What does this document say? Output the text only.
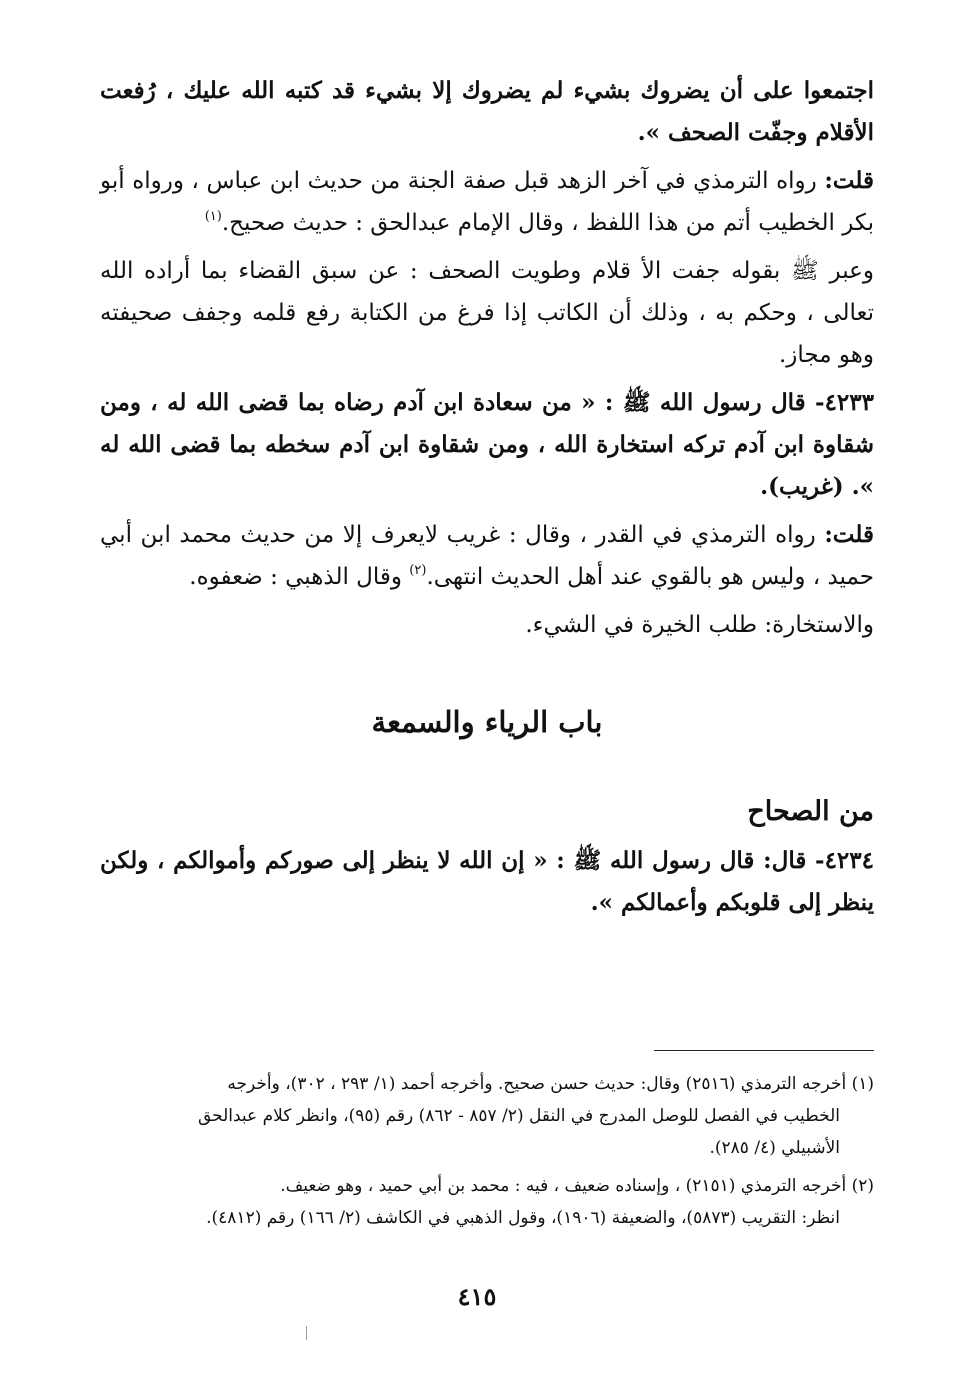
اجتمعوا على أن يضروك بشيء لم يضروك إلا بشيء قد كتبه الله عليك ، رُفعت الأقلام وجفّت الصحف ».

قلت: رواه الترمذي في آخر الزهد قبل صفة الجنة من حديث ابن عباس ، ورواه أبو بكر الخطيب أتم من هذا اللفظ ، وقال الإمام عبدالحق : حديث صحيح.$^{(١)}$

وعبر ﷺ بقوله جفت الأ قلام وطويت الصحف : عن سبق القضاء بما أراده الله تعالى ، وحكم به ، وذلك أن الكاتب إذا فرغ من الكتابة رفع قلمه وجفف صحيفته وهو مجاز.

٤٢٣٣- قال رسول الله ﷺ : « من سعادة ابن آدم رضاه بما قضى الله له ، ومن شقاوة ابن آدم تركه استخارة الله ، ومن شقاوة ابن آدم سخطه بما قضى الله له ». (غريب).

قلت: رواه الترمذي في القدر ، وقال : غريب لايعرف إلا من حديث محمد ابن أبي حميد ، وليس هو بالقوي عند أهل الحديث انتهى.$^{(٢)}$ وقال الذهبي : ضعفوه.

والاستخارة: طلب الخيرة في الشيء.

باب الرياء والسمعة
من الصحاح

٤٢٣٤- قال: قال رسول الله ﷺ : « إن الله لا ينظر إلى صوركم وأموالكم ، ولكن ينظر إلى قلوبكم وأعمالكم ».

(١) أخرجه الترمذي (٢٥١٦) وقال: حديث حسن صحيح. وأخرجه أحمد (١/ ٢٩٣ ، ٣٠٢)، وأخرجه

الخطيب في الفصل للوصل المدرج في النقل (٢/ ٨٥٧ - ٨٦٢) رقم (٩٥)، وانظر كلام عبدالحق

الأشبيلي (٤/ ٢٨٥).

(٢) أخرجه الترمذي (٢١٥١) ، وإسناده ضعيف ، فيه : محمد بن أبي حميد ، وهو ضعيف.

انظر: التقريب (٥٨٧٣)، والضعيفة (١٩٠٦)، وقول الذهبي في الكاشف (٢/ ١٦٦) رقم (٤٨١٢).

٤١٥
